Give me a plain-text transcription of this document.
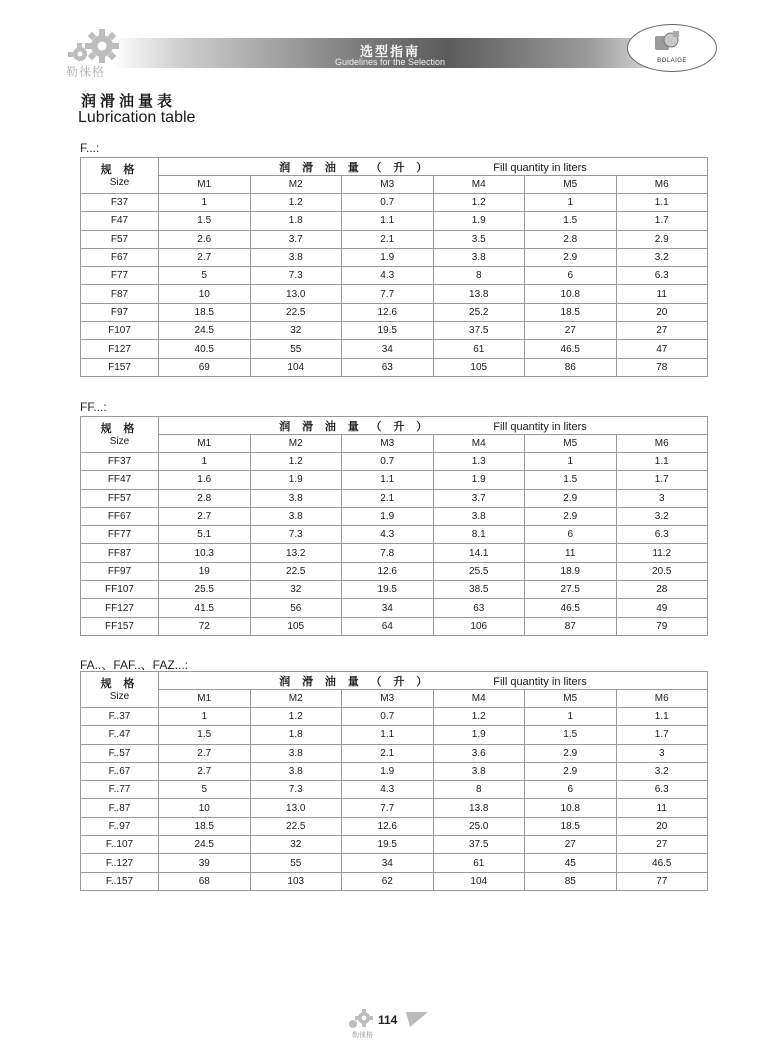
勒徕格
选型指南
Guidelines for the Selection	BOLAIGE
润滑油量表
Lubrication table
F...:
规 格
Size	润 滑 油 量 （ 升 ） Fill quantity in liters					
	M1	M2	M3	M4	M5	M6
F37	1	1.2	0.7	1.2	1	1.1
F47	1.5	1.8	1.1	1.9	1.5	1.7
F57	2.6	3.7	2.1	3.5	2.8	2.9
F67	2.7	3.8	1.9	3.8	2.9	3.2
F77	5	7.3	4.3	8	6	6.3
F87	10	13.0	7.7	13.8	10.8	11
F97	18.5	22.5	12.6	25.2	18.5	20
F107	24.5	32	19.5	37.5	27	27
F127	40.5	55	34	61	46.5	47
F157	69	104	63	105	86	78
FF...:
规 格
Size	润 滑 油 量 （ 升 ） Fill quantity in liters					
	M1	M2	M3	M4	M5	M6
FF37	1	1.2	0.7	1.3	1	1.1
FF47	1.6	1.9	1.1	1.9	1.5	1.7
FF57	2.8	3.8	2.1	3.7	2.9	3
FF67	2.7	3.8	1.9	3.8	2.9	3.2
FF77	5.1	7.3	4.3	8.1	6	6.3
FF87	10.3	13.2	7.8	14.1	11	11.2
FF97	19	22.5	12.6	25.5	18.9	20.5
FF107	25.5	32	19.5	38.5	27.5	28
FF127	41.5	56	34	63	46.5	49
FF157	72	105	64	106	87	79
FA..、FAF..、FAZ...:
规 格
Size	润 滑 油 量 （ 升 ） Fill quantity in liters					
	M1	M2	M3	M4	M5	M6
F..37	1	1.2	0.7	1.2	1	1.1
F..47	1.5	1.8	1.1	1.9	1.5	1.7
F..57	2.7	3.8	2.1	3.6	2.9	3
F..67	2.7	3.8	1.9	3.8	2.9	3.2
F..77	5	7.3	4.3	8	6	6.3
F..87	10	13.0	7.7	13.8	10.8	11
F..97	18.5	22.5	12.6	25.0	18.5	20
F..107	24.5	32	19.5	37.5	27	27
F..127	39	55	34	61	45	46.5
F..157	68	103	62	104	85	77
勒徕格
114
